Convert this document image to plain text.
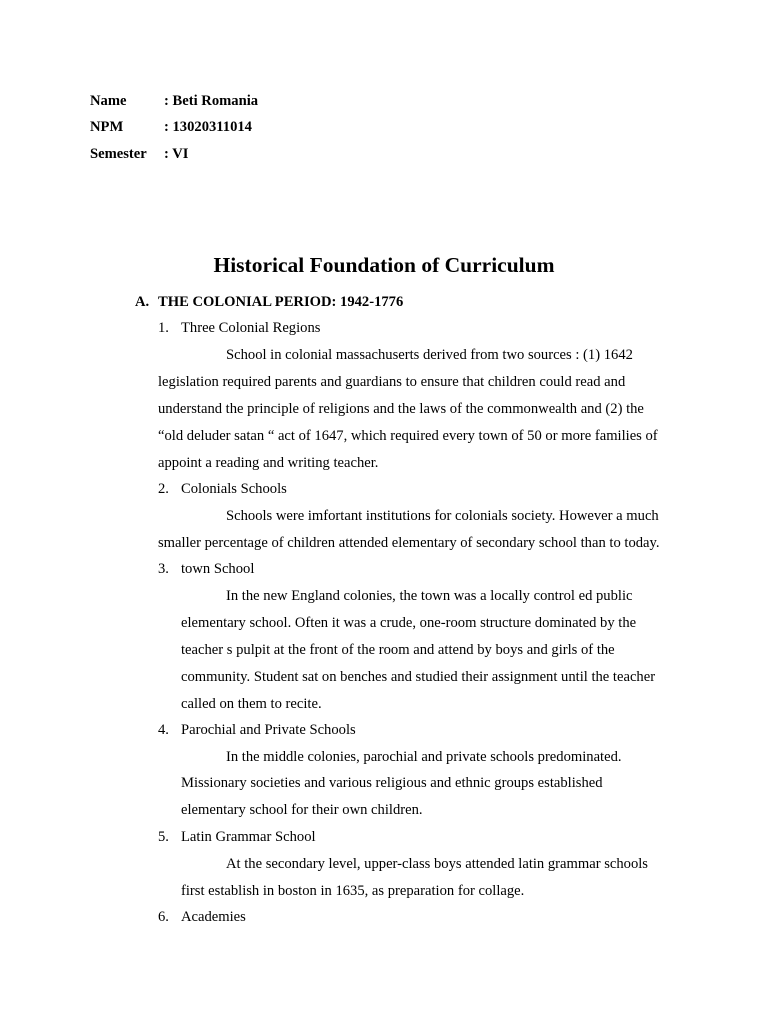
Name	: Beti Romania
NPM	: 13020311014
Semester : VI
Historical Foundation of Curriculum
A. THE COLONIAL PERIOD: 1942-1776
1. Three Colonial Regions
School in colonial massachuserts derived from two sources : (1) 1642
legislation required parents and guardians to ensure that children could read and
understand the principle of religions and the laws of the commonwealth and (2) the
“old deluder satan “ act of 1647, which required every town of 50 or more families of
appoint a reading and writing teacher.
2. Colonials Schools
Schools were imfortant institutions for colonials society. However a much
smaller percentage of children attended elementary of secondary school than to today.
3. town School
In the new England colonies, the town was a locally control ed public
elementary school. Often it was a crude, one-room structure dominated by the
teacher s pulpit at the front of the room and attend by boys and girls of the
community. Student sat on benches and studied their assignment until the teacher
called on them to recite.
4. Parochial and Private Schools
In the middle colonies, parochial and private schools predominated.
Missionary societies and various religious and ethnic groups established
elementary school for their own children.
5. Latin Grammar School
At the secondary level, upper-class boys attended latin grammar schools
first establish in boston in 1635, as preparation for collage.
6. Academies
